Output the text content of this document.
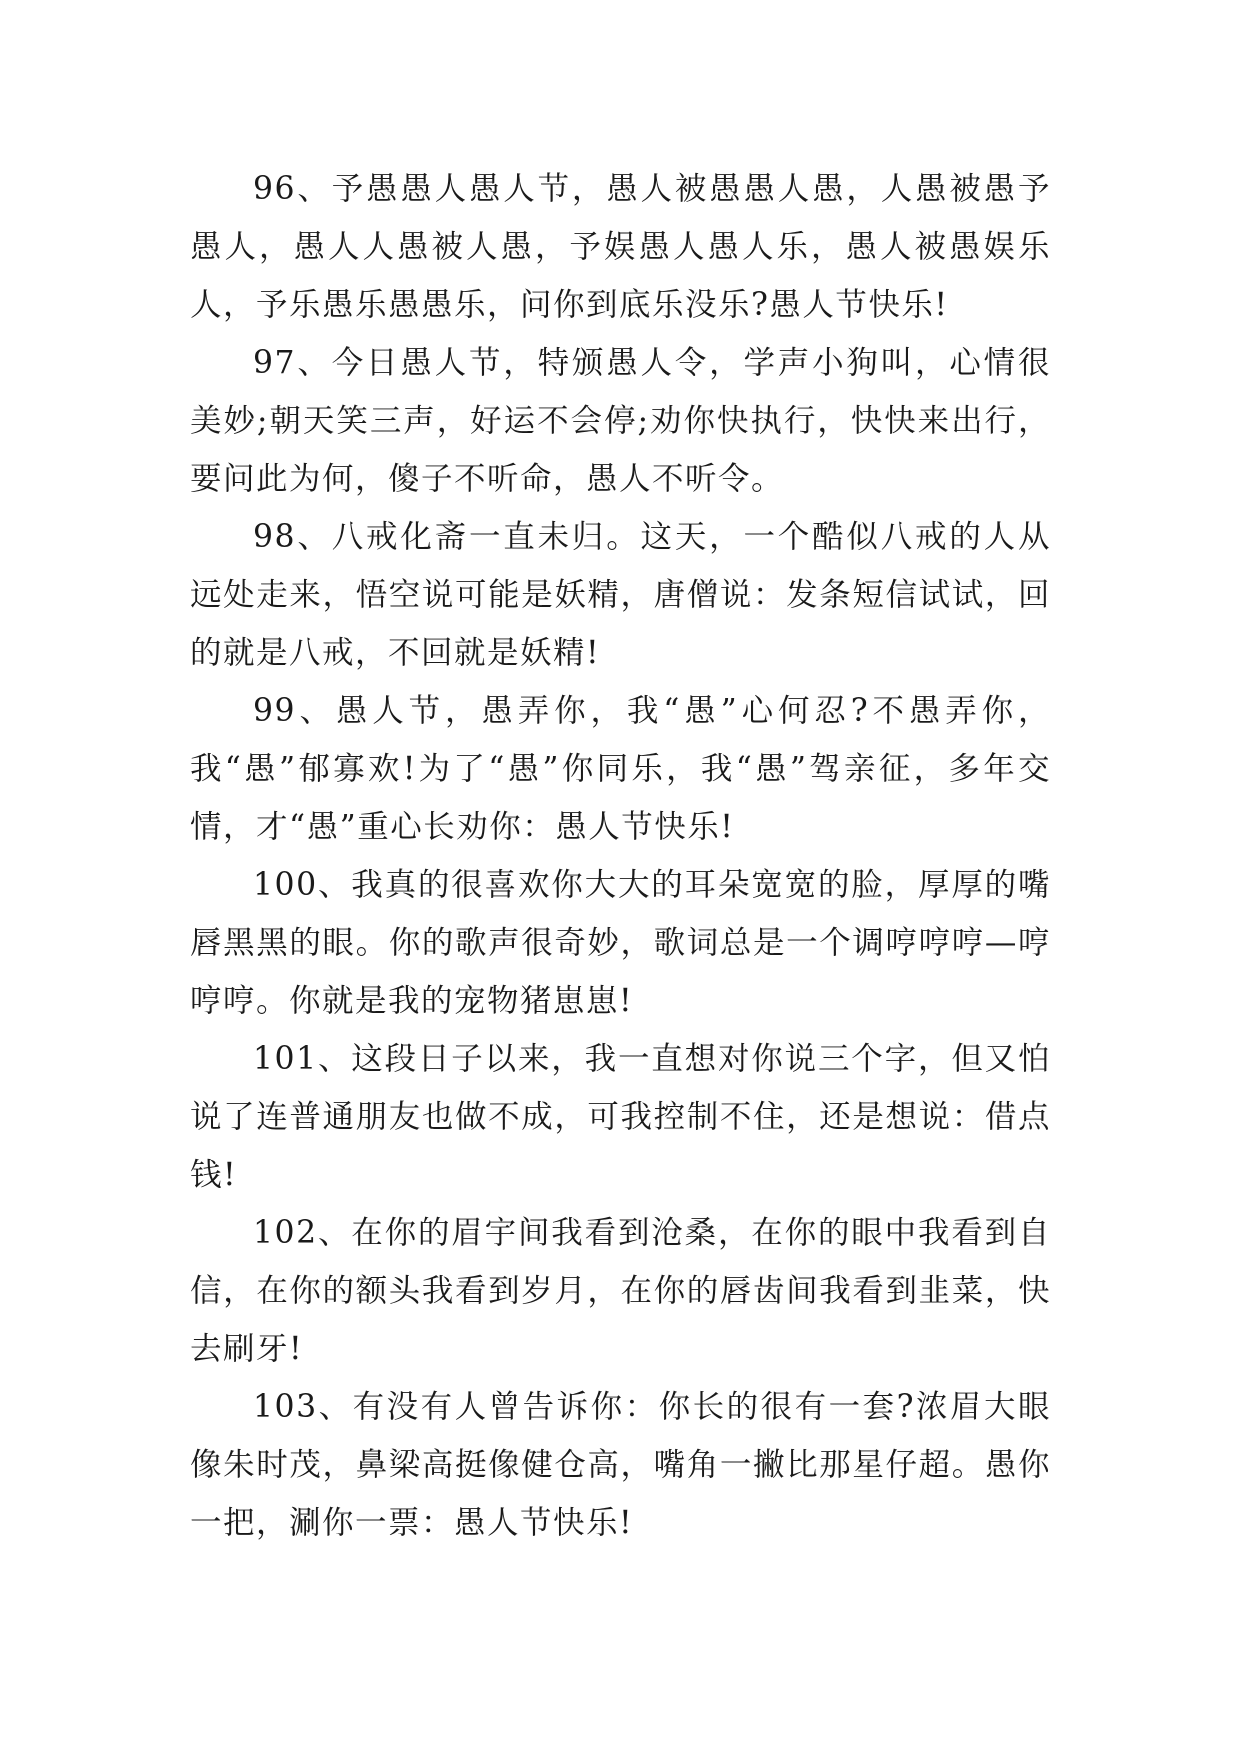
96、予愚愚人愚人节，愚人被愚愚人愚，人愚被愚予愚人，愚人人愚被人愚，予娱愚人愚人乐，愚人被愚娱乐人，予乐愚乐愚愚乐，问你到底乐没乐?愚人节快乐!

97、今日愚人节，特颁愚人令，学声小狗叫，心情很美妙;朝天笑三声，好运不会停;劝你快执行，快快来出行，要问此为何，傻子不听命，愚人不听令。

98、八戒化斋一直未归。这天，一个酷似八戒的人从远处走来，悟空说可能是妖精，唐僧说：发条短信试试，回的就是八戒，不回就是妖精!

99、愚人节，愚弄你，我“愚”心何忍?不愚弄你，我“愚”郁寡欢!为了“愚”你同乐，我“愚”驾亲征，多年交情，才“愚”重心长劝你：愚人节快乐!

100、我真的很喜欢你大大的耳朵宽宽的脸，厚厚的嘴唇黑黑的眼。你的歌声很奇妙，歌词总是一个调哼哼哼—哼哼哼。你就是我的宠物猪崽崽!

101、这段日子以来，我一直想对你说三个字，但又怕说了连普通朋友也做不成，可我控制不住，还是想说：借点钱!

102、在你的眉宇间我看到沧桑，在你的眼中我看到自信，在你的额头我看到岁月，在你的唇齿间我看到韭菜，快去刷牙!

103、有没有人曾告诉你：你长的很有一套?浓眉大眼像朱时茂，鼻梁高挺像健仓高，嘴角一撇比那星仔超。愚你一把，涮你一票：愚人节快乐!
